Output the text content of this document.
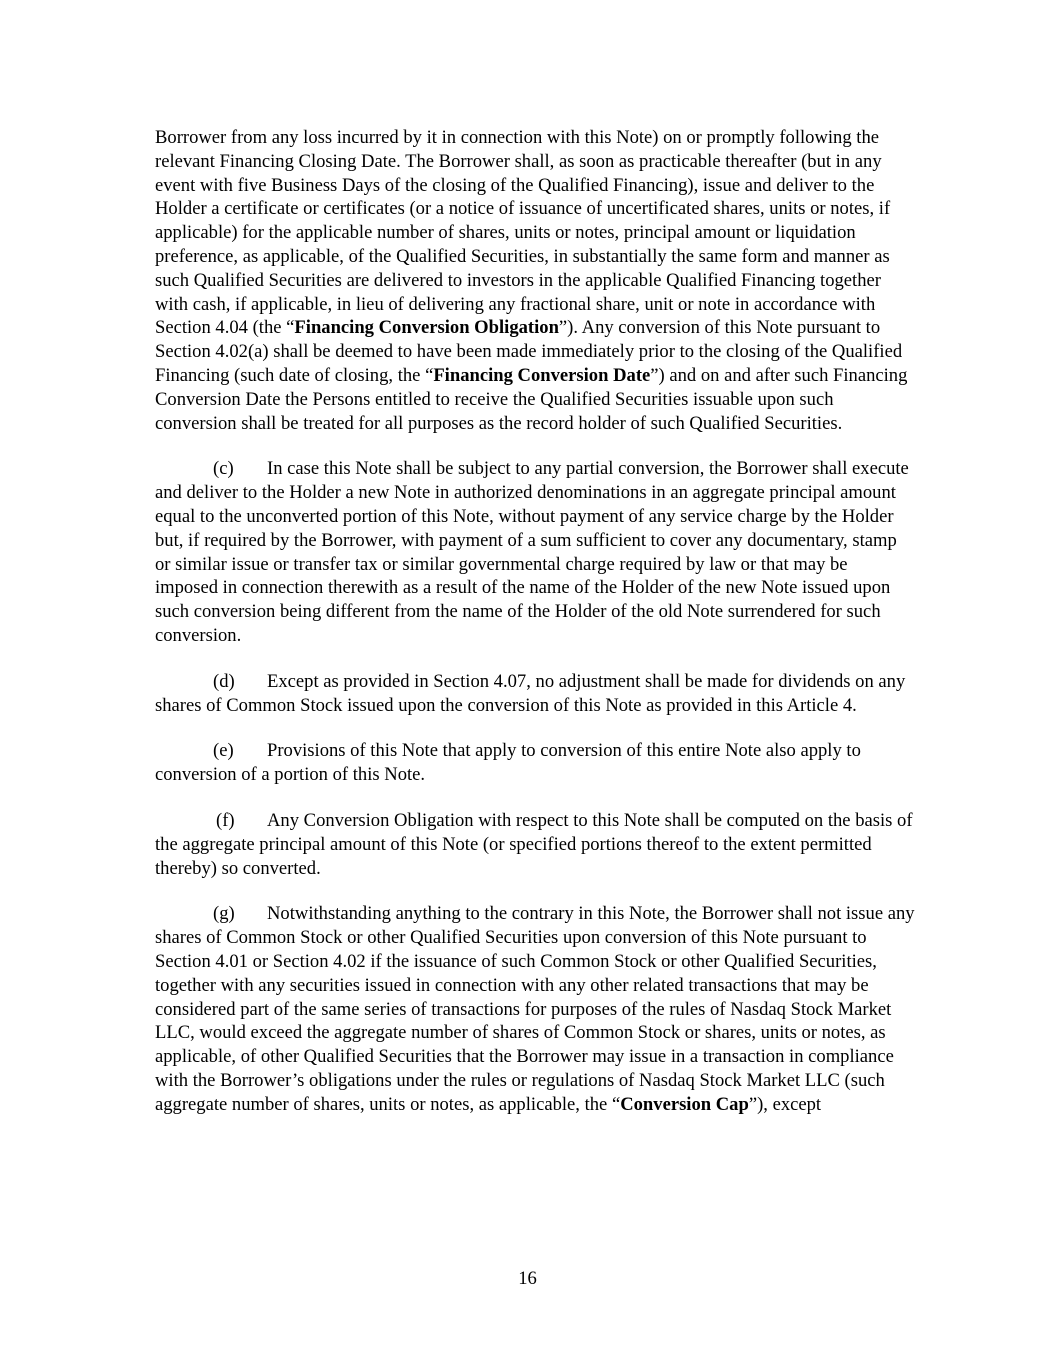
Borrower from any loss incurred by it in connection with this Note) on or promptly following the relevant Financing Closing Date. The Borrower shall, as soon as practicable thereafter (but in any event with five Business Days of the closing of the Qualified Financing), issue and deliver to the Holder a certificate or certificates (or a notice of issuance of uncertificated shares, units or notes, if applicable) for the applicable number of shares, units or notes, principal amount or liquidation preference, as applicable, of the Qualified Securities, in substantially the same form and manner as such Qualified Securities are delivered to investors in the applicable Qualified Financing together with cash, if applicable, in lieu of delivering any fractional share, unit or note in accordance with Section 4.04 (the “Financing Conversion Obligation”). Any conversion of this Note pursuant to Section 4.02(a) shall be deemed to have been made immediately prior to the closing of the Qualified Financing (such date of closing, the “Financing Conversion Date”) and on and after such Financing Conversion Date the Persons entitled to receive the Qualified Securities issuable upon such conversion shall be treated for all purposes as the record holder of such Qualified Securities.

(c) In case this Note shall be subject to any partial conversion, the Borrower shall execute and deliver to the Holder a new Note in authorized denominations in an aggregate principal amount equal to the unconverted portion of this Note, without payment of any service charge by the Holder but, if required by the Borrower, with payment of a sum sufficient to cover any documentary, stamp or similar issue or transfer tax or similar governmental charge required by law or that may be imposed in connection therewith as a result of the name of the Holder of the new Note issued upon such conversion being different from the name of the Holder of the old Note surrendered for such conversion.

(d) Except as provided in Section 4.07, no adjustment shall be made for dividends on any shares of Common Stock issued upon the conversion of this Note as provided in this Article 4.

(e) Provisions of this Note that apply to conversion of this entire Note also apply to conversion of a portion of this Note.

(f) Any Conversion Obligation with respect to this Note shall be computed on the basis of the aggregate principal amount of this Note (or specified portions thereof to the extent permitted thereby) so converted.

(g) Notwithstanding anything to the contrary in this Note, the Borrower shall not issue any shares of Common Stock or other Qualified Securities upon conversion of this Note pursuant to Section 4.01 or Section 4.02 if the issuance of such Common Stock or other Qualified Securities, together with any securities issued in connection with any other related transactions that may be considered part of the same series of transactions for purposes of the rules of Nasdaq Stock Market LLC, would exceed the aggregate number of shares of Common Stock or shares, units or notes, as applicable, of other Qualified Securities that the Borrower may issue in a transaction in compliance with the Borrower’s obligations under the rules or regulations of Nasdaq Stock Market LLC (such aggregate number of shares, units or notes, as applicable, the “Conversion Cap”), except

16
